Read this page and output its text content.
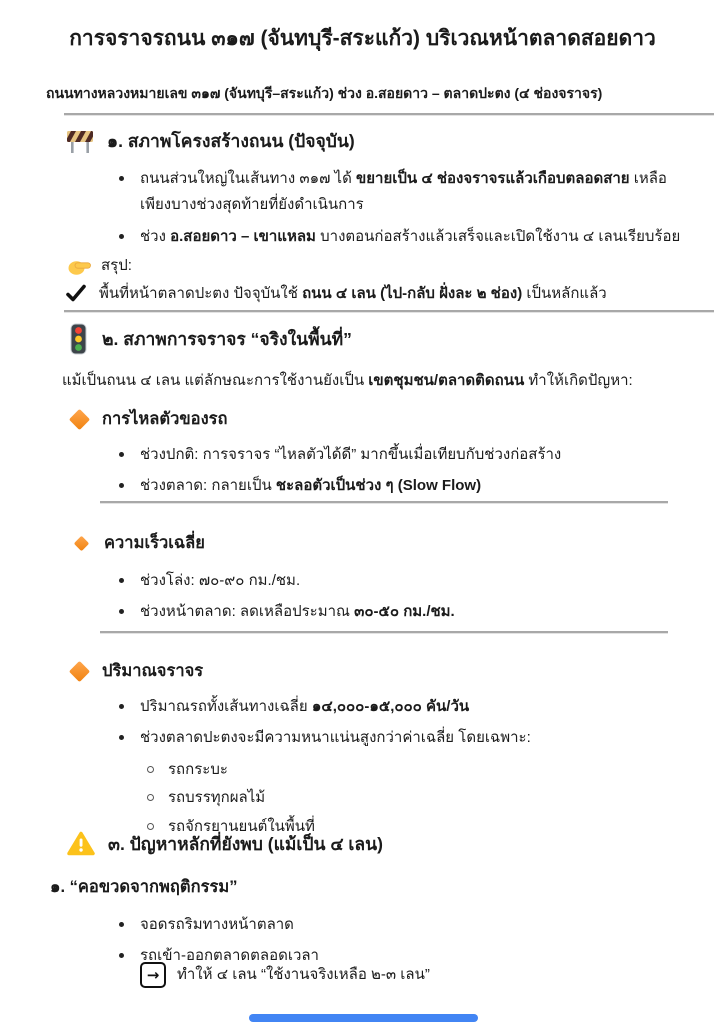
การจราจรถนน ๓๑๗ (จันทบุรี-สระแก้ว) บริเวณหน้าตลาดสอยดาว
ถนนทางหลวงหมายเลข ๓๑๗ (จันทบุรี–สระแก้ว) ช่วง อ.สอยดาว – ตลาดปะตง (๔ ช่องจราจร)
๑. สภาพโครงสร้างถนน (ปัจจุบัน)
ถนนส่วนใหญ่ในเส้นทาง ๓๑๗ ได้ ขยายเป็น ๔ ช่องจราจรแล้วเกือบตลอดสาย เหลือเพียงบางช่วงสุดท้ายที่ยังดำเนินการ
ช่วง อ.สอยดาว – เขาแหลม บางตอนก่อสร้างแล้วเสร็จและเปิดใช้งาน ๔ เลนเรียบร้อย
สรุป:
พื้นที่หน้าตลาดปะตง ปัจจุบันใช้ ถนน ๔ เลน (ไป-กลับ ฝั่งละ ๒ ช่อง) เป็นหลักแล้ว
๒. สภาพการจราจร “จริงในพื้นที่”
แม้เป็นถนน ๔ เลน แต่ลักษณะการใช้งานยังเป็น เขตชุมชน/ตลาดติดถนน ทำให้เกิดปัญหา:
การไหลตัวของรถ
ช่วงปกติ: การจราจร “ไหลตัวได้ดี” มากขึ้นเมื่อเทียบกับช่วงก่อสร้าง
ช่วงตลาด: กลายเป็น ชะลอตัวเป็นช่วง ๆ (Slow Flow)
ความเร็วเฉลี่ย
ช่วงโล่ง: ๗๐-๙๐ กม./ชม.
ช่วงหน้าตลาด: ลดเหลือประมาณ ๓๐-๕๐ กม./ชม.
ปริมาณจราจร
ปริมาณรถทั้งเส้นทางเฉลี่ย ๑๔,๐๐๐-๑๕,๐๐๐ คัน/วัน
ช่วงตลาดปะตงจะมีความหนาแน่นสูงกว่าค่าเฉลี่ย โดยเฉพาะ:
รถกระบะ
รถบรรทุกผลไม้
รถจักรยานยนต์ในพื้นที่
๓. ปัญหาหลักที่ยังพบ (แม้เป็น ๔ เลน)
๑. “คอขวดจากพฤติกรรม”
จอดรถริมทางหน้าตลาด
รถเข้า-ออกตลาดตลอดเวลา
→	ทำให้ ๔ เลน “ใช้งานจริงเหลือ ๒-๓ เลน”
